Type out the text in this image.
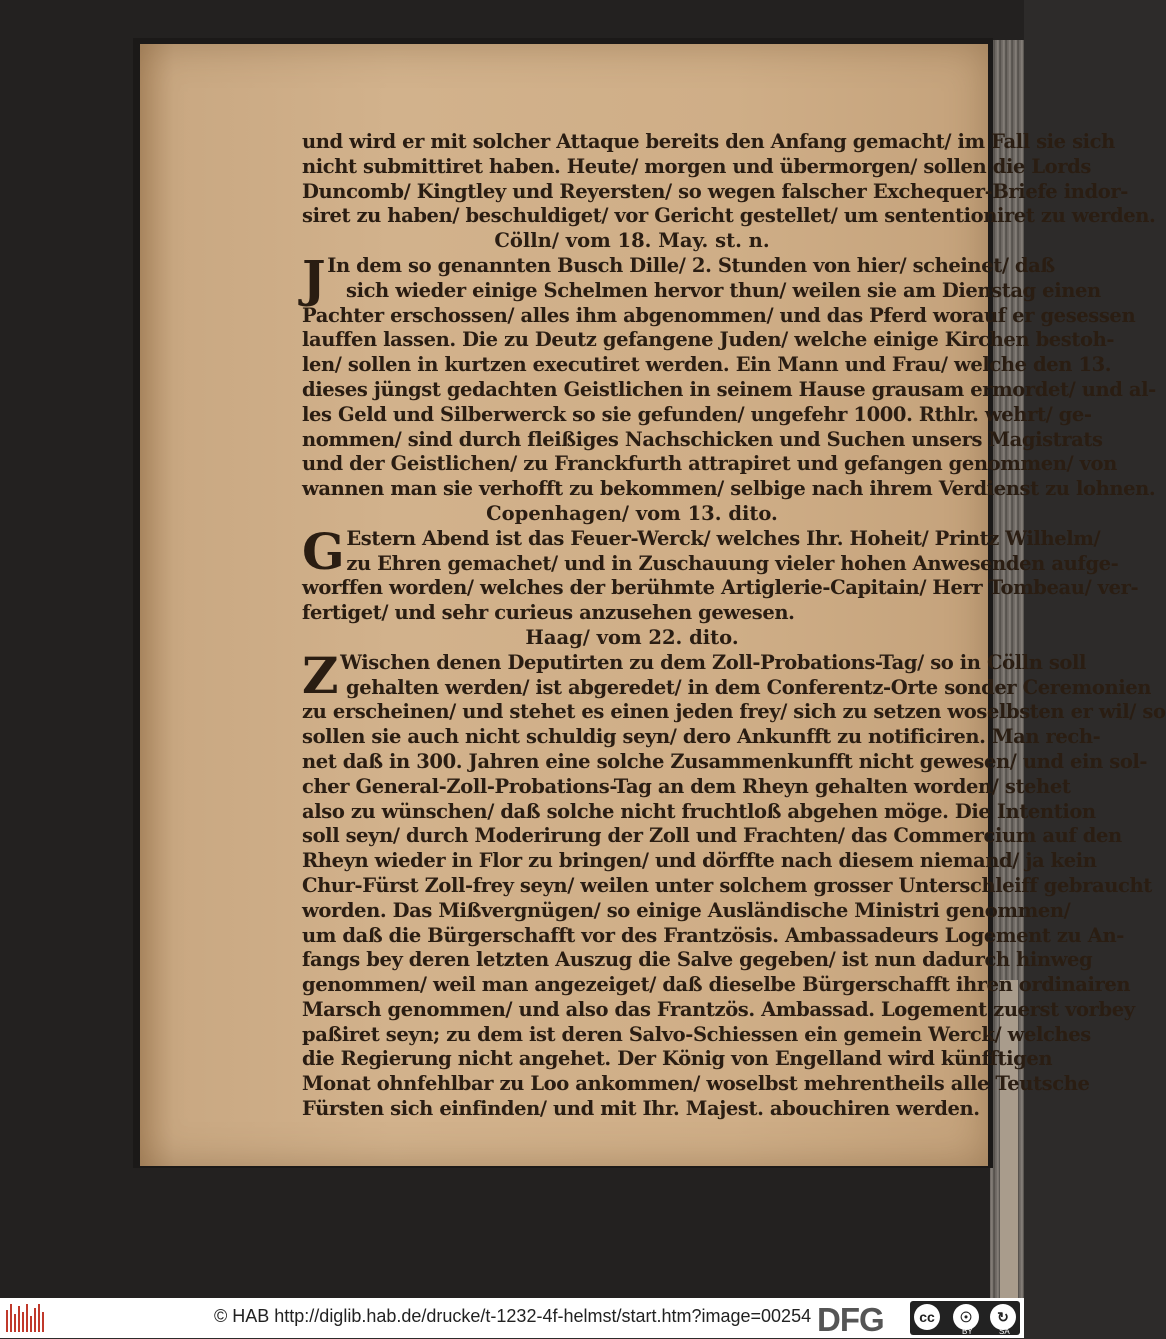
und wird er mit solcher Attaque bereits den Anfang gemacht/ im Fall sie sich
nicht submittiret haben. Heute/ morgen und übermorgen/ sollen die Lords
Duncomb/ Kingtley und Reyersten/ so wegen falscher Exchequer-Briefe indor-
siret zu haben/ beschuldiget/ vor Gericht gestellet/ um sententioniret zu werden.
Cölln/ vom 18. May. st. n.
J In dem so genannten Busch Dille/ 2. Stunden von hier/ scheinet/ daß
sich wieder einige Schelmen hervor thun/ weilen sie am Dienstag einen
Pachter erschossen/ alles ihm abgenommen/ und das Pferd worauf er gesessen
lauffen lassen. Die zu Deutz gefangene Juden/ welche einige Kirchen bestoh-
len/ sollen in kurtzen executiret werden. Ein Mann und Frau/ welche den 13.
dieses jüngst gedachten Geistlichen in seinem Hause grausam ermordet/ und al-
les Geld und Silberwerck so sie gefunden/ ungefehr 1000. Rthlr. wehrt/ ge-
nommen/ sind durch fleißiges Nachschicken und Suchen unsers Magistrats
und der Geistlichen/ zu Franckfurth attrapiret und gefangen genommen/ von
wannen man sie verhofft zu bekommen/ selbige nach ihrem Verdienst zu lohnen.
Copenhagen/ vom 13. dito.
G Estern Abend ist das Feuer-Werck/ welches Ihr. Hoheit/ Printz Wilhelm/
zu Ehren gemachet/ und in Zuschauung vieler hohen Anwesenden aufge-
worffen worden/ welches der berühmte Artiglerie-Capitain/ Herr Tombeau/ ver-
fertiget/ und sehr curieus anzusehen gewesen.
Haag/ vom 22. dito.
Z Wischen denen Deputirten zu dem Zoll-Probations-Tag/ so in Cölln soll
gehalten werden/ ist abgeredet/ in dem Conferentz-Orte sonder Ceremonien
zu erscheinen/ und stehet es einen jeden frey/ sich zu setzen woselbsten er wil/ so
sollen sie auch nicht schuldig seyn/ dero Ankunfft zu notificiren. Man rech-
net daß in 300. Jahren eine solche Zusammenkunfft nicht gewesen/ und ein sol-
cher General-Zoll-Probations-Tag an dem Rheyn gehalten worden/ stehet
also zu wünschen/ daß solche nicht fruchtloß abgehen möge. Die Intention
soll seyn/ durch Moderirung der Zoll und Frachten/ das Commercium auf den
Rheyn wieder in Flor zu bringen/ und dörffte nach diesem niemand/ ja kein
Chur-Fürst Zoll-frey seyn/ weilen unter solchem grosser Unterschleiff gebraucht
worden. Das Mißvergnügen/ so einige Ausländische Ministri genommen/
um daß die Bürgerschafft vor des Frantzösis. Ambassadeurs Logement zu An-
fangs bey deren letzten Auszug die Salve gegeben/ ist nun dadurch hinweg
genommen/ weil man angezeiget/ daß dieselbe Bürgerschafft ihren ordinairen
Marsch genommen/ und also das Frantzös. Ambassad. Logement zuerst vorbey
paßiret seyn; zu dem ist deren Salvo-Schiessen ein gemein Werck/ welches
die Regierung nicht angehet. Der König von Engelland wird künfftigen
Monat ohnfehlbar zu Loo ankommen/ woselbst mehrentheils alle Teutsche
Fürsten sich einfinden/ und mit Ihr. Majest. abouchiren werden.
© HAB http://diglib.hab.de/drucke/t-1232-4f-helmst/start.htm?image=00254 DFG	cc	☉	↻
BY	SA
